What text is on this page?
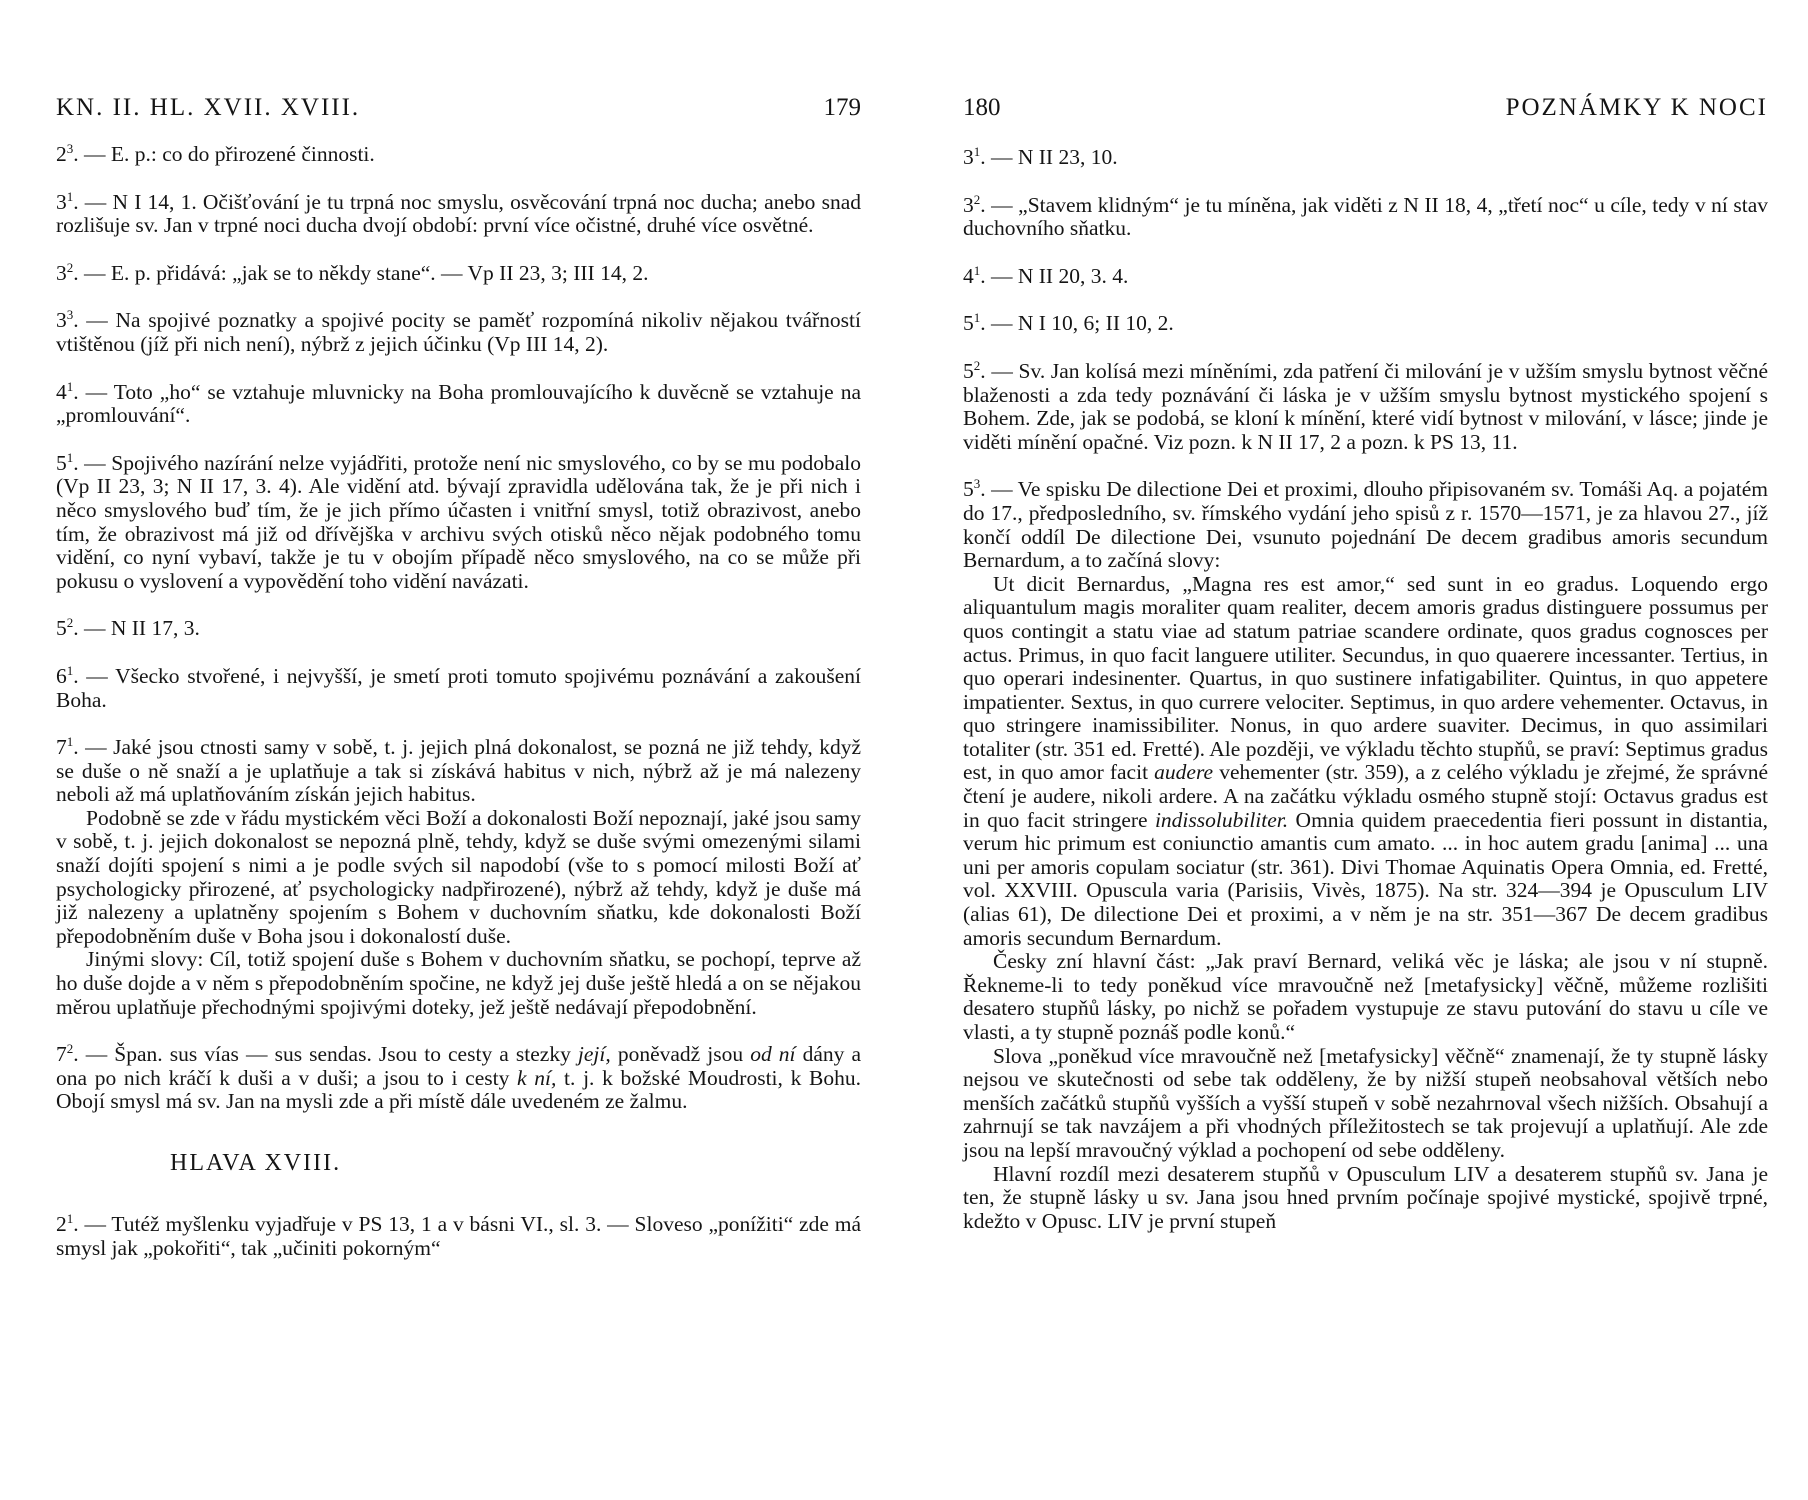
KN. II. HL. XVII. XVIII.	179

$2^3$. — E. p.: co do přirozené činnosti.

$3^1$. — N I 14, 1. Očišťování je tu trpná noc smyslu, osvěcování trpná noc ducha; anebo snad rozlišuje sv. Jan v trpné noci ducha dvojí období: první více očistné, druhé více osvětné.

$3^2$. — E. p. přidává: „jak se to někdy stane“. — Vp II 23, 3; III 14, 2.

$3^3$. — Na spojivé poznatky a spojivé pocity se paměť rozpomíná nikoliv nějakou tvářností vtištěnou (jíž při nich není), nýbrž z jejich účinku (Vp III 14, 2).

$4^1$. — Toto „ho“ se vztahuje mluvnicky na Boha promlouvajícího k duvěcně se vztahuje na „promlouvání“.

$5^1$. — Spojivého nazírání nelze vyjádřiti, protože není nic smyslového, co by se mu podobalo (Vp II 23, 3; N II 17, 3. 4). Ale vidění atd. bývají zpravidla udělována tak, že je při nich i něco smyslového buď tím, že je jich přímo účasten i vnitřní smysl, totiž obrazivost, anebo tím, že obrazivost má již od dřívějška v archivu svých otisků něco nějak podobného tomu vidění, co nyní vybaví, takže je tu v obojím případě něco smyslového, na co se může při pokusu o vyslovení a vypovědění toho vidění navázati.

$5^2$. — N II 17, 3.

$6^1$. — Všecko stvořené, i nejvyšší, je smetí proti tomuto spojivému poznávání a zakoušení Boha.

$7^1$. — Jaké jsou ctnosti samy v sobě, t. j. jejich plná dokonalost, se pozná ne již tehdy, když se duše o ně snaží a je uplatňuje a tak si získává habitus v nich, nýbrž až je má nalezeny neboli až má uplatňováním získán jejich habitus.

Podobně se zde v řádu mystickém věci Boží a dokonalosti Boží nepoznají, jaké jsou samy v sobě, t. j. jejich dokonalost se nepozná plně, tehdy, když se duše svými omezenými silami snaží dojíti spojení s nimi a je podle svých sil napodobí (vše to s pomocí milosti Boží ať psychologicky přirozené, ať psychologicky nadpřirozené), nýbrž až tehdy, když je duše má již nalezeny a uplatněny spojením s Bohem v duchovním sňatku, kde dokonalosti Boží přepodobněním duše v Boha jsou i dokonalostí duše.

Jinými slovy: Cíl, totiž spojení duše s Bohem v duchovním sňatku, se pochopí, teprve až ho duše dojde a v něm s přepodobněním spočine, ne když jej duše ještě hledá a on se nějakou měrou uplatňuje přechodnými spojivými doteky, jež ještě nedávají přepodobnění.

$7^2$. — Špan. sus vías — sus sendas. Jsou to cesty a stezky její, poněvadž jsou od ní dány a ona po nich kráčí k duši a v duši; a jsou to i cesty k ní, t. j. k božské Moudrosti, k Bohu. Obojí smysl má sv. Jan na mysli zde a při místě dále uvedeném ze žalmu.

HLAVA XVIII.

$2^1$. — Tutéž myšlenku vyjadřuje v PS 13, 1 a v básni VI., sl. 3. — Sloveso „ponížiti“ zde má smysl jak „pokořiti“, tak „učiniti pokorným“

180	POZNÁMKY K NOCI

$3^1$. — N II 23, 10.

$3^2$. — „Stavem klidným“ je tu míněna, jak viděti z N II 18, 4, „třetí noc“ u cíle, tedy v ní stav duchovního sňatku.

$4^1$. — N II 20, 3. 4.

$5^1$. — N I 10, 6; II 10, 2.

$5^2$. — Sv. Jan kolísá mezi míněními, zda patření či milování je v užším smyslu bytnost věčné blaženosti a zda tedy poznávání či láska je v užším smyslu bytnost mystického spojení s Bohem. Zde, jak se podobá, se kloní k mínění, které vidí bytnost v milování, v lásce; jinde je viděti mínění opačné. Viz pozn. k N II 17, 2 a pozn. k PS 13, 11.

$5^3$. — Ve spisku De dilectione Dei et proximi, dlouho připisovaném sv. Tomáši Aq. a pojatém do 17., předposledního, sv. římského vydání jeho spisů z r. 1570—1571, je za hlavou 27., jíž končí oddíl De dilectione Dei, vsunuto pojednání De decem gradibus amoris secundum Bernardum, a to začíná slovy:

Ut dicit Bernardus, „Magna res est amor,“ sed sunt in eo gradus. Loquendo ergo aliquantulum magis moraliter quam realiter, decem amoris gradus distinguere possumus per quos contingit a statu viae ad statum patriae scandere ordinate, quos gradus cognosces per actus. Primus, in quo facit languere utiliter. Secundus, in quo quaerere incessanter. Tertius, in quo operari indesinenter. Quartus, in quo sustinere infatigabiliter. Quintus, in quo appetere impatienter. Sextus, in quo currere velociter. Septimus, in quo ardere vehementer. Octavus, in quo stringere inamissibiliter. Nonus, in quo ardere suaviter. Decimus, in quo assimilari totaliter (str. 351 ed. Fretté). Ale později, ve výkladu těchto stupňů, se praví: Septimus gradus est, in quo amor facit audere vehementer (str. 359), a z celého výkladu je zřejmé, že správné čtení je audere, nikoli ardere. A na začátku výkladu osmého stupně stojí: Octavus gradus est in quo facit stringere indissolubiliter. Omnia quidem praecedentia fieri possunt in distantia, verum hic primum est coniunctio amantis cum amato. ... in hoc autem gradu [anima] ... una uni per amoris copulam sociatur (str. 361). Divi Thomae Aquinatis Opera Omnia, ed. Fretté, vol. XXVIII. Opuscula varia (Parisiis, Vivès, 1875). Na str. 324—394 je Opusculum LIV (alias 61), De dilectione Dei et proximi, a v něm je na str. 351—367 De decem gradibus amoris secundum Bernardum.

Česky zní hlavní část: „Jak praví Bernard, veliká věc je láska; ale jsou v ní stupně. Řekneme-li to tedy poněkud více mravoučně než [metafysicky] věčně, můžeme rozlišiti desatero stupňů lásky, po nichž se pořadem vystupuje ze stavu putování do stavu u cíle ve vlasti, a ty stupně poznáš podle konů.“

Slova „poněkud více mravoučně než [metafysicky] věčně“ znamenají, že ty stupně lásky nejsou ve skutečnosti od sebe tak odděleny, že by nižší stupeň neobsahoval větších nebo menších začátků stupňů vyšších a vyšší stupeň v sobě nezahrnoval všech nižších. Obsahují a zahrnují se tak navzájem a při vhodných příležitostech se tak projevují a uplatňují. Ale zde jsou na lepší mravoučný výklad a pochopení od sebe odděleny.

Hlavní rozdíl mezi desaterem stupňů v Opusculum LIV a desaterem stupňů sv. Jana je ten, že stupně lásky u sv. Jana jsou hned prvním počínaje spojivé mystické, spojivě trpné, kdežto v Opusc. LIV je první stupeň
